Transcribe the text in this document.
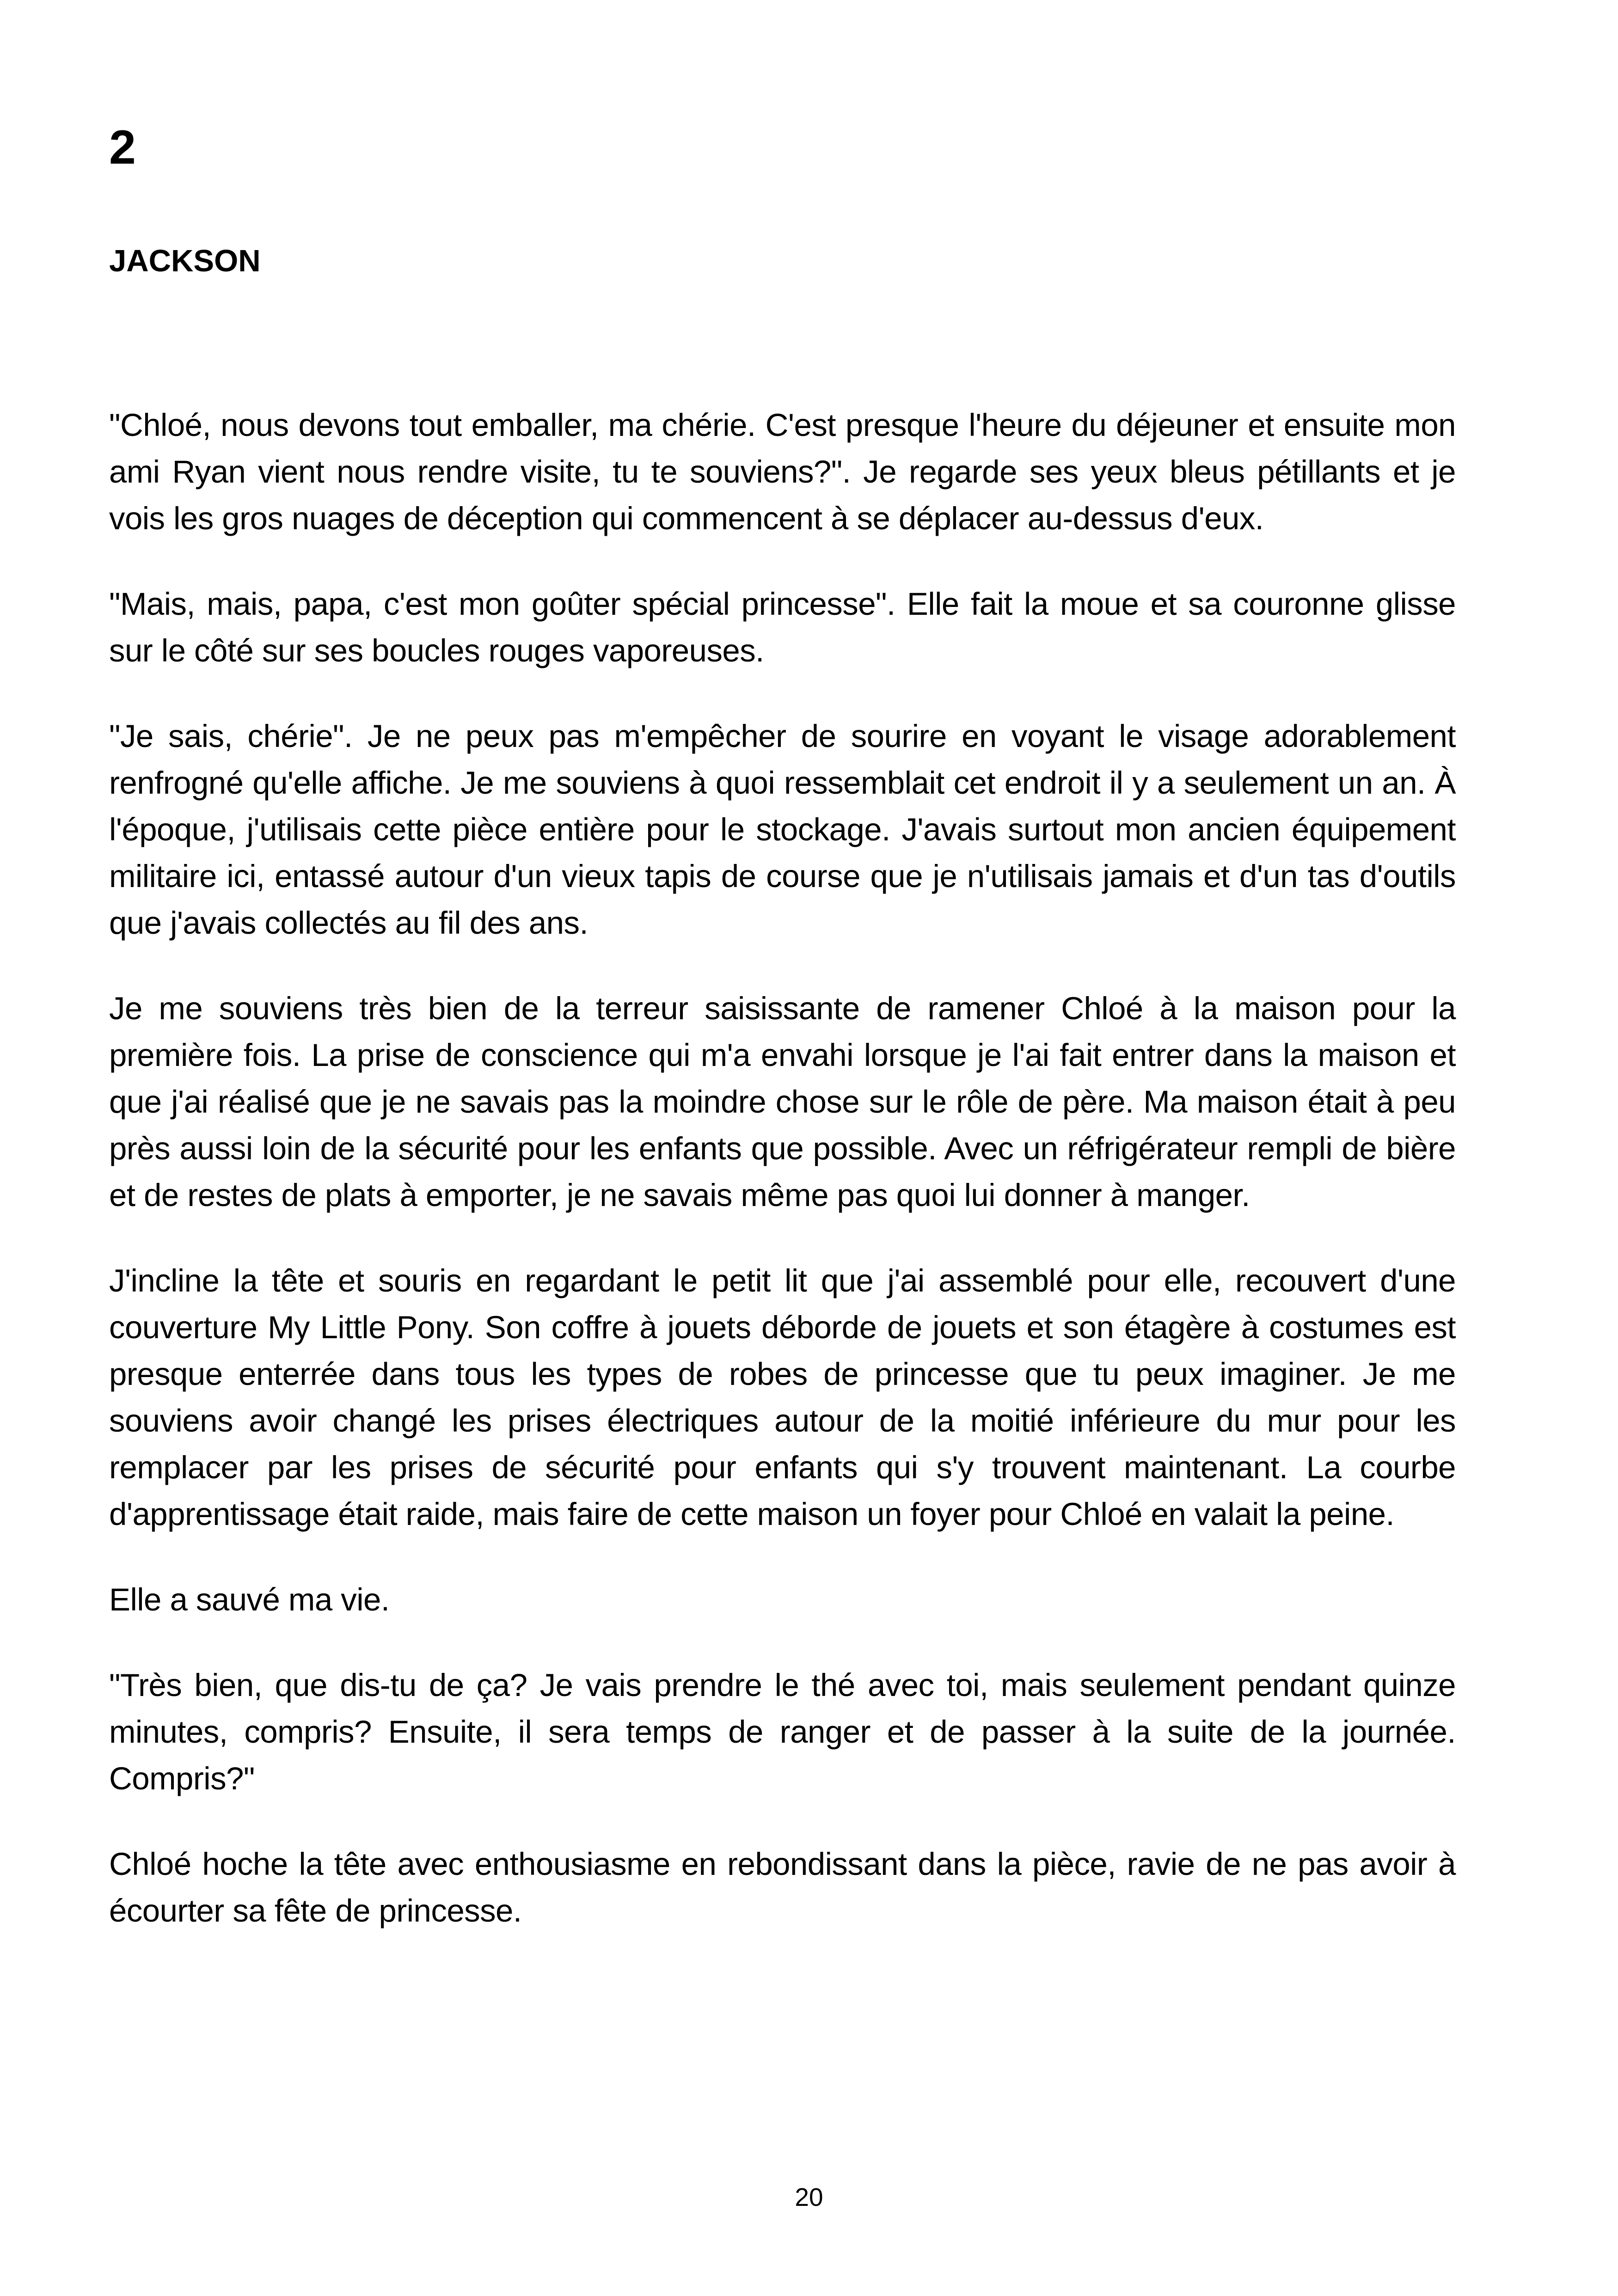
2
JACKSON

"Chloé, nous devons tout emballer, ma chérie. C'est presque l'heure du déjeuner et ensuite mon ami Ryan vient nous rendre visite, tu te souviens?". Je regarde ses yeux bleus pétillants et je vois les gros nuages de déception qui commencent à se déplacer au-dessus d'eux.

"Mais, mais, papa, c'est mon goûter spécial princesse". Elle fait la moue et sa couronne glisse sur le côté sur ses boucles rouges vaporeuses.

"Je sais, chérie". Je ne peux pas m'empêcher de sourire en voyant le visage adorablement renfrogné qu'elle affiche. Je me souviens à quoi ressemblait cet endroit il y a seulement un an. À l'époque, j'utilisais cette pièce entière pour le stockage. J'avais surtout mon ancien équipement militaire ici, entassé autour d'un vieux tapis de course que je n'utilisais jamais et d'un tas d'outils que j'avais collectés au fil des ans.

Je me souviens très bien de la terreur saisissante de ramener Chloé à la maison pour la première fois. La prise de conscience qui m'a envahi lorsque je l'ai fait entrer dans la maison et que j'ai réalisé que je ne savais pas la moindre chose sur le rôle de père. Ma maison était à peu près aussi loin de la sécurité pour les enfants que possible. Avec un réfrigérateur rempli de bière et de restes de plats à emporter, je ne savais même pas quoi lui donner à manger.

J'incline la tête et souris en regardant le petit lit que j'ai assemblé pour elle, recouvert d'une couverture My Little Pony. Son coffre à jouets déborde de jouets et son étagère à costumes est presque enterrée dans tous les types de robes de princesse que tu peux imaginer. Je me souviens avoir changé les prises électriques autour de la moitié inférieure du mur pour les remplacer par les prises de sécurité pour enfants qui s'y trouvent maintenant. La courbe d'apprentissage était raide, mais faire de cette maison un foyer pour Chloé en valait la peine.

Elle a sauvé ma vie.

"Très bien, que dis-tu de ça? Je vais prendre le thé avec toi, mais seulement pendant quinze minutes, compris? Ensuite, il sera temps de ranger et de passer à la suite de la journée. Compris?"

Chloé hoche la tête avec enthousiasme en rebondissant dans la pièce, ravie de ne pas avoir à écourter sa fête de princesse.

20
